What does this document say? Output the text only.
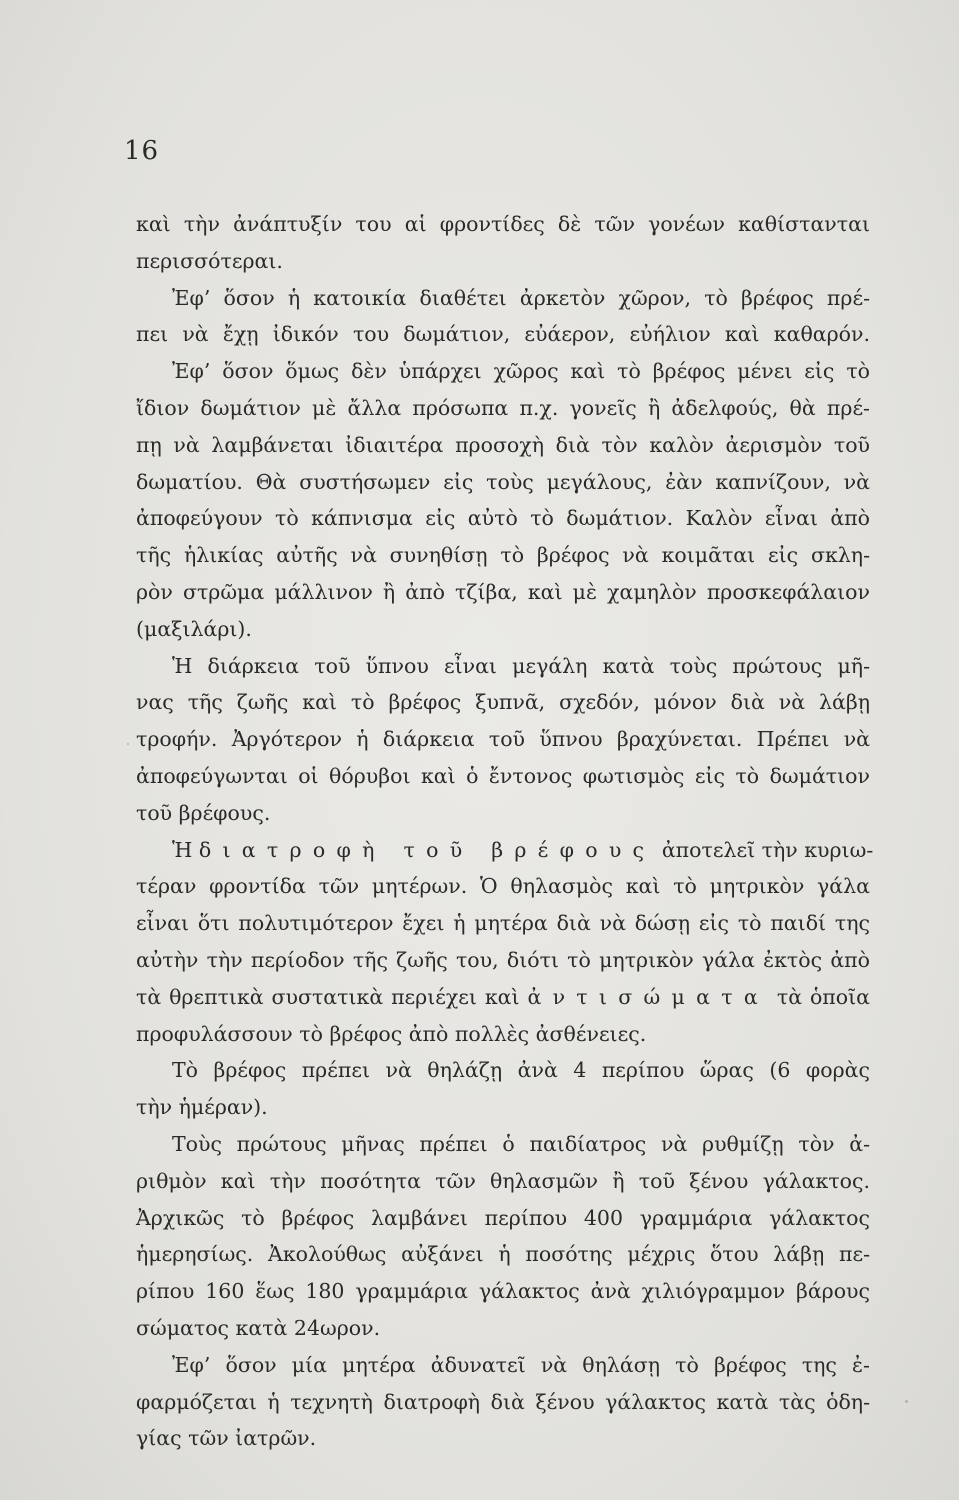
16
καὶ τὴν ἀνάπτυξίν του αἱ φροντίδες δὲ τῶν γονέων καθίστανται
περισσότεραι.
Ἐφ’ ὅσον ἡ κατοικία διαθέτει ἀρκετὸν χῶρον, τὸ βρέφος πρέ-
πει νὰ ἔχῃ ἰδικόν του δωμάτιον, εὐάερον, εὐήλιον καὶ καθαρόν.
Ἐφ’ ὅσον ὅμως δὲν ὑπάρχει χῶρος καὶ τὸ βρέφος μένει εἰς τὸ
ἴδιον δωμάτιον μὲ ἄλλα πρόσωπα π.χ. γονεῖς ἢ ἀδελφούς, θὰ πρέ-
πῃ νὰ λαμβάνεται ἰδιαιτέρα προσοχὴ διὰ τὸν καλὸν ἀερισμὸν τοῦ
δωματίου. Θὰ συστήσωμεν εἰς τοὺς μεγάλους, ἐὰν καπνίζουν, νὰ
ἀποφεύγουν τὸ κάπνισμα εἰς αὐτὸ τὸ δωμάτιον. Καλὸν εἶναι ἀπὸ
τῆς ἡλικίας αὐτῆς νὰ συνηθίσῃ τὸ βρέφος νὰ κοιμᾶται εἰς σκλη-
ρὸν στρῶμα μάλλινον ἢ ἀπὸ τζίβα, καὶ μὲ χαμηλὸν προσκεφάλαιον
(μαξιλάρι).
Ἡ διάρκεια τοῦ ὕπνου εἶναι μεγάλη κατὰ τοὺς πρώτους μῆ-
νας τῆς ζωῆς καὶ τὸ βρέφος ξυπνᾶ, σχεδόν, μόνον διὰ νὰ λάβῃ
τροφήν. Ἀργότερον ἡ διάρκεια τοῦ ὕπνου βραχύνεται. Πρέπει νὰ
ἀποφεύγωνται οἱ θόρυβοι καὶ ὁ ἔντονος φωτισμὸς εἰς τὸ δωμάτιον
τοῦ βρέφους.
Ἡ διατροφὴ τοῦ βρέφους ἀποτελεῖ τὴν κυριω-
τέραν φροντίδα τῶν μητέρων. Ὁ θηλασμὸς καὶ τὸ μητρικὸν γάλα
εἶναι ὅτι πολυτιμότερον ἔχει ἡ μητέρα διὰ νὰ δώσῃ εἰς τὸ παιδί της
αὐτὴν τὴν περίοδον τῆς ζωῆς του, διότι τὸ μητρικὸν γάλα ἐκτὸς ἀπὸ
τὰ θρεπτικὰ συστατικὰ περιέχει καὶ ἀντισώματα τὰ ὁποῖα
προφυλάσσουν τὸ βρέφος ἀπὸ πολλὲς ἀσθένειες.
Τὸ βρέφος πρέπει νὰ θηλάζῃ ἀνὰ 4 περίπου ὥρας (6 φορὰς
τὴν ἡμέραν).
Τοὺς πρώτους μῆνας πρέπει ὁ παιδίατρος νὰ ρυθμίζῃ τὸν ἀ-
ριθμὸν καὶ τὴν ποσότητα τῶν θηλασμῶν ἢ τοῦ ξένου γάλακτος.
Ἀρχικῶς τὸ βρέφος λαμβάνει περίπου 400 γραμμάρια γάλακτος
ἡμερησίως. Ἀκολούθως αὐξάνει ἡ ποσότης μέχρις ὅτου λάβῃ πε-
ρίπου 160 ἕως 180 γραμμάρια γάλακτος ἀνὰ χιλιόγραμμον βάρους
σώματος κατὰ 24ωρον.
Ἐφ’ ὅσον μία μητέρα ἀδυνατεῖ νὰ θηλάσῃ τὸ βρέφος της ἐ-
φαρμόζεται ἡ τεχνητὴ διατροφὴ διὰ ξένου γάλακτος κατὰ τὰς ὁδη-
γίας τῶν ἰατρῶν.
